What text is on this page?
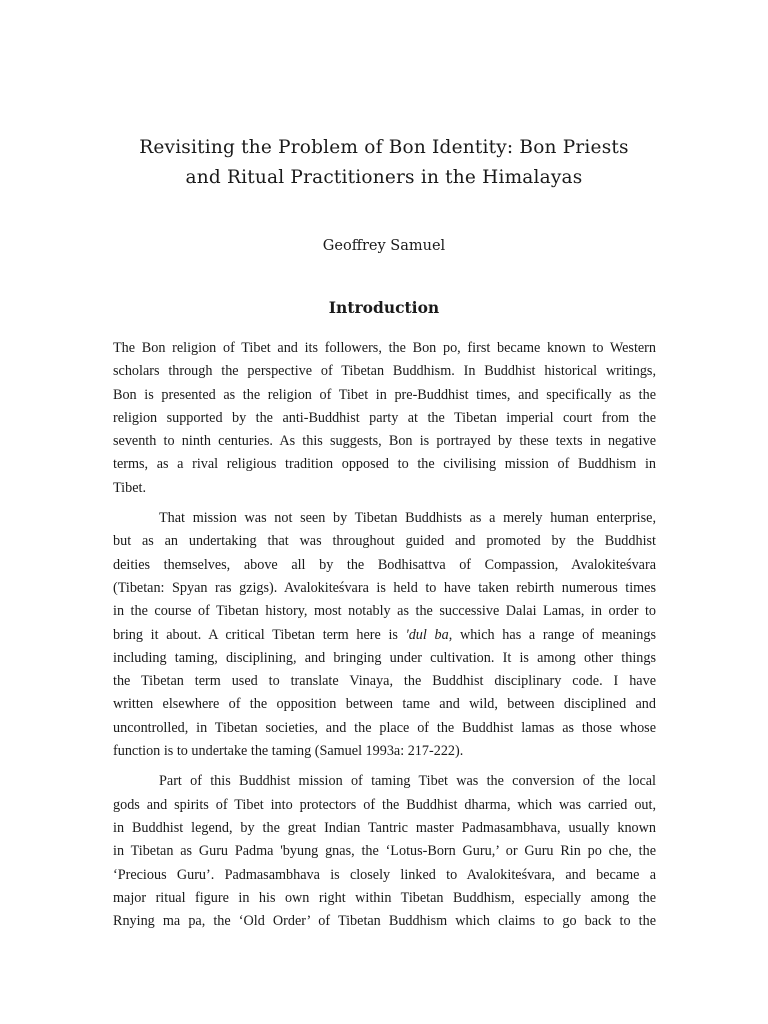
Revisiting the Problem of Bon Identity: Bon Priests
and Ritual Practitioners in the Himalayas

Geoffrey Samuel

Introduction

The Bon religion of Tibet and its followers, the Bon po, first became known to Western
scholars through the perspective of Tibetan Buddhism. In Buddhist historical writings,
Bon is presented as the religion of Tibet in pre-Buddhist times, and specifically as the
religion supported by the anti-Buddhist party at the Tibetan imperial court from the
seventh to ninth centuries. As this suggests, Bon is portrayed by these texts in negative
terms, as a rival religious tradition opposed to the civilising mission of Buddhism in
Tibet.

That mission was not seen by Tibetan Buddhists as a merely human enterprise,
but as an undertaking that was throughout guided and promoted by the Buddhist
deities themselves, above all by the Bodhisattva of Compassion, Avalokiteśvara
(Tibetan: Spyan ras gzigs). Avalokiteśvara is held to have taken rebirth numerous times
in the course of Tibetan history, most notably as the successive Dalai Lamas, in order to
bring it about. A critical Tibetan term here is 'dul ba, which has a range of meanings
including taming, disciplining, and bringing under cultivation. It is among other things
the Tibetan term used to translate Vinaya, the Buddhist disciplinary code. I have
written elsewhere of the opposition between tame and wild, between disciplined and
uncontrolled, in Tibetan societies, and the place of the Buddhist lamas as those whose
function is to undertake the taming (Samuel 1993a: 217-222).

Part of this Buddhist mission of taming Tibet was the conversion of the local
gods and spirits of Tibet into protectors of the Buddhist dharma, which was carried out,
in Buddhist legend, by the great Indian Tantric master Padmasambhava, usually known
in Tibetan as Guru Padma 'byung gnas, the ‘Lotus-Born Guru,’ or Guru Rin po che, the
‘Precious Guru’. Padmasambhava is closely linked to Avalokiteśvara, and became a
major ritual figure in his own right within Tibetan Buddhism, especially among the
Rnying ma pa, the ‘Old Order’ of Tibetan Buddhism which claims to go back to the
